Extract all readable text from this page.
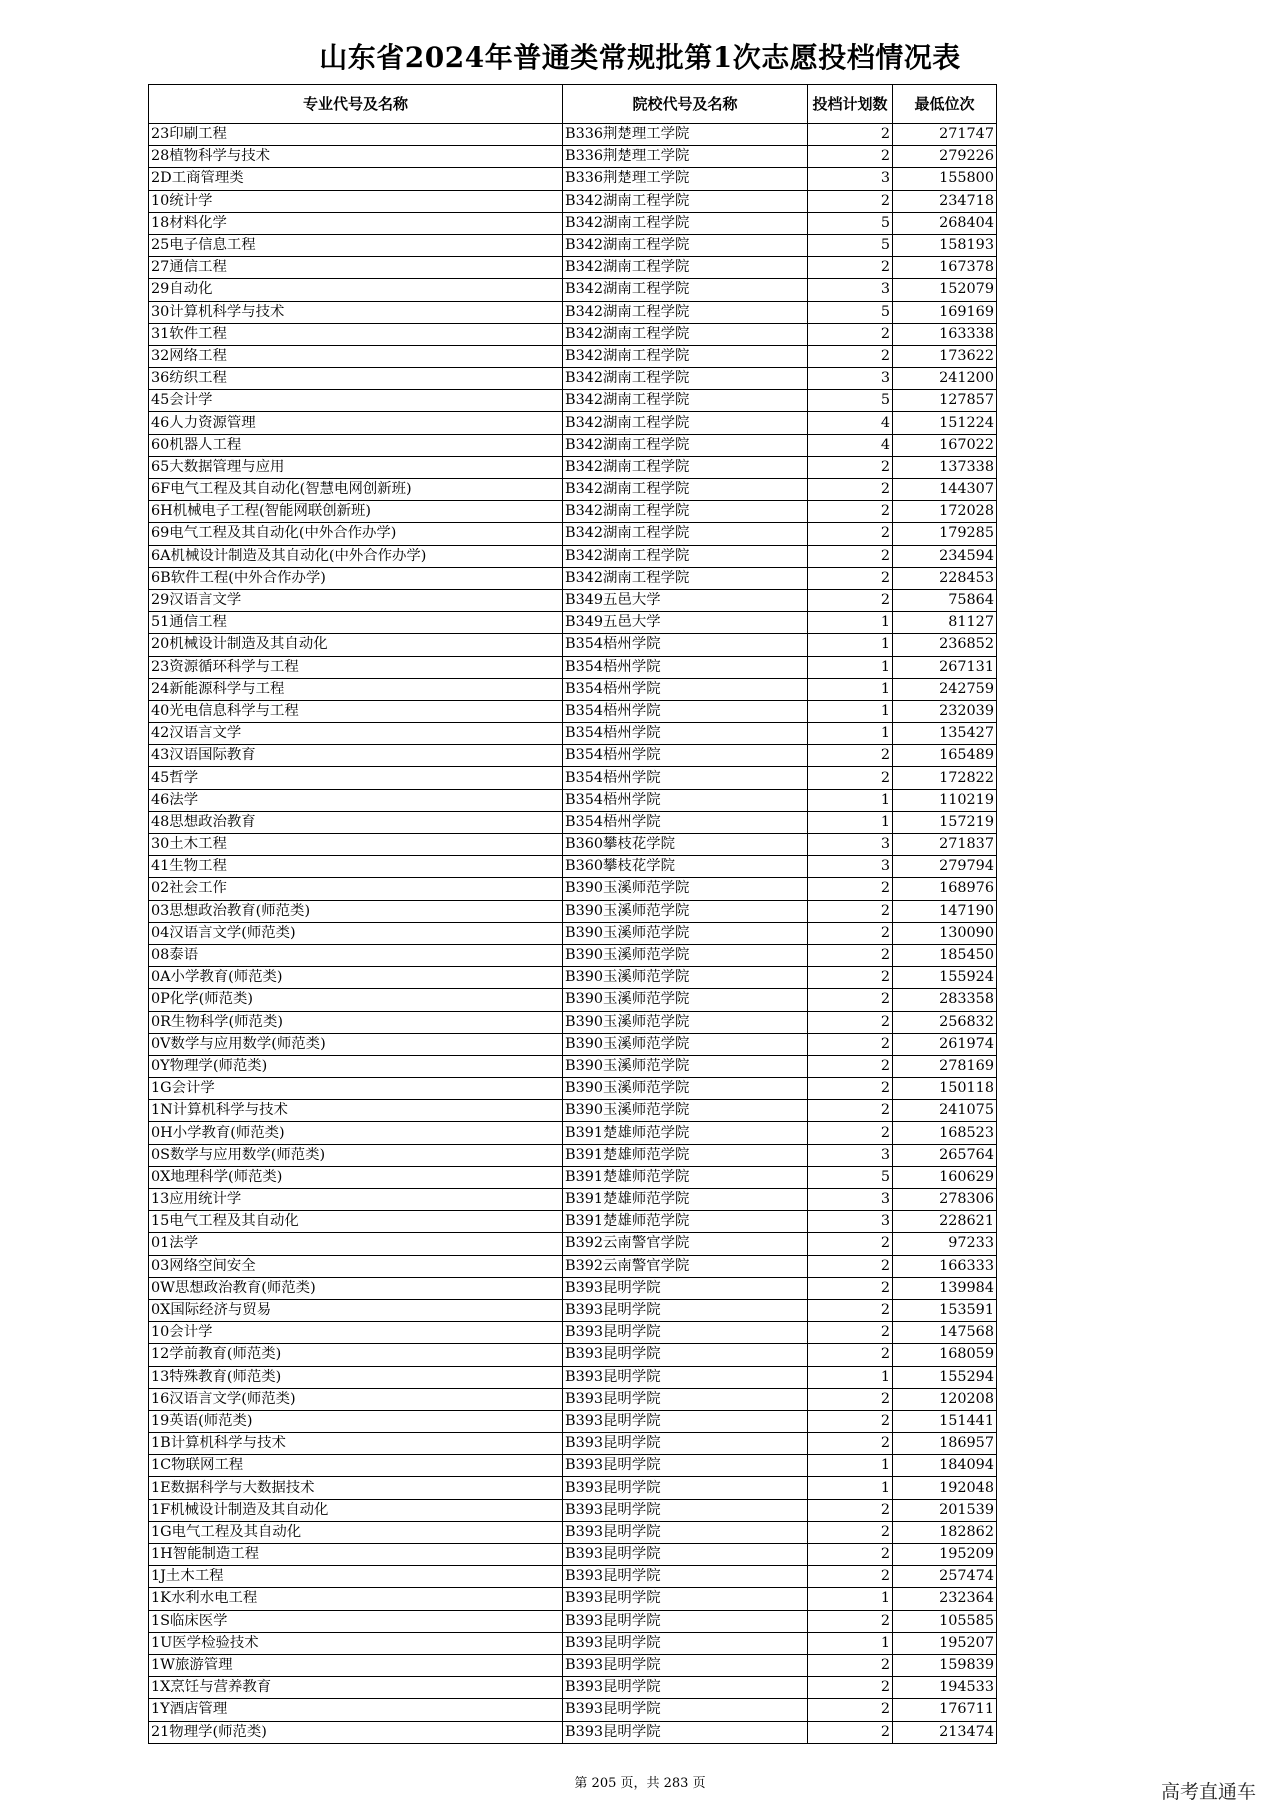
山东省2024年普通类常规批第1次志愿投档情况表
专业代号及名称	院校代号及名称	投档计划数	最低位次
23印刷工程	B336荆楚理工学院	2	271747
28植物科学与技术	B336荆楚理工学院	2	279226
2D工商管理类	B336荆楚理工学院	3	155800
10统计学	B342湖南工程学院	2	234718
18材料化学	B342湖南工程学院	5	268404
25电子信息工程	B342湖南工程学院	5	158193
27通信工程	B342湖南工程学院	2	167378
29自动化	B342湖南工程学院	3	152079
30计算机科学与技术	B342湖南工程学院	5	169169
31软件工程	B342湖南工程学院	2	163338
32网络工程	B342湖南工程学院	2	173622
36纺织工程	B342湖南工程学院	3	241200
45会计学	B342湖南工程学院	5	127857
46人力资源管理	B342湖南工程学院	4	151224
60机器人工程	B342湖南工程学院	4	167022
65大数据管理与应用	B342湖南工程学院	2	137338
6F电气工程及其自动化(智慧电网创新班)	B342湖南工程学院	2	144307
6H机械电子工程(智能网联创新班)	B342湖南工程学院	2	172028
69电气工程及其自动化(中外合作办学)	B342湖南工程学院	2	179285
6A机械设计制造及其自动化(中外合作办学)	B342湖南工程学院	2	234594
6B软件工程(中外合作办学)	B342湖南工程学院	2	228453
29汉语言文学	B349五邑大学	2	75864
51通信工程	B349五邑大学	1	81127
20机械设计制造及其自动化	B354梧州学院	1	236852
23资源循环科学与工程	B354梧州学院	1	267131
24新能源科学与工程	B354梧州学院	1	242759
40光电信息科学与工程	B354梧州学院	1	232039
42汉语言文学	B354梧州学院	1	135427
43汉语国际教育	B354梧州学院	2	165489
45哲学	B354梧州学院	2	172822
46法学	B354梧州学院	1	110219
48思想政治教育	B354梧州学院	1	157219
30土木工程	B360攀枝花学院	3	271837
41生物工程	B360攀枝花学院	3	279794
02社会工作	B390玉溪师范学院	2	168976
03思想政治教育(师范类)	B390玉溪师范学院	2	147190
04汉语言文学(师范类)	B390玉溪师范学院	2	130090
08泰语	B390玉溪师范学院	2	185450
0A小学教育(师范类)	B390玉溪师范学院	2	155924
0P化学(师范类)	B390玉溪师范学院	2	283358
0R生物科学(师范类)	B390玉溪师范学院	2	256832
0V数学与应用数学(师范类)	B390玉溪师范学院	2	261974
0Y物理学(师范类)	B390玉溪师范学院	2	278169
1G会计学	B390玉溪师范学院	2	150118
1N计算机科学与技术	B390玉溪师范学院	2	241075
0H小学教育(师范类)	B391楚雄师范学院	2	168523
0S数学与应用数学(师范类)	B391楚雄师范学院	3	265764
0X地理科学(师范类)	B391楚雄师范学院	5	160629
13应用统计学	B391楚雄师范学院	3	278306
15电气工程及其自动化	B391楚雄师范学院	3	228621
01法学	B392云南警官学院	2	97233
03网络空间安全	B392云南警官学院	2	166333
0W思想政治教育(师范类)	B393昆明学院	2	139984
0X国际经济与贸易	B393昆明学院	2	153591
10会计学	B393昆明学院	2	147568
12学前教育(师范类)	B393昆明学院	2	168059
13特殊教育(师范类)	B393昆明学院	1	155294
16汉语言文学(师范类)	B393昆明学院	2	120208
19英语(师范类)	B393昆明学院	2	151441
1B计算机科学与技术	B393昆明学院	2	186957
1C物联网工程	B393昆明学院	1	184094
1E数据科学与大数据技术	B393昆明学院	1	192048
1F机械设计制造及其自动化	B393昆明学院	2	201539
1G电气工程及其自动化	B393昆明学院	2	182862
1H智能制造工程	B393昆明学院	2	195209
1J土木工程	B393昆明学院	2	257474
1K水利水电工程	B393昆明学院	1	232364
1S临床医学	B393昆明学院	2	105585
1U医学检验技术	B393昆明学院	1	195207
1W旅游管理	B393昆明学院	2	159839
1X烹饪与营养教育	B393昆明学院	2	194533
1Y酒店管理	B393昆明学院	2	176711
21物理学(师范类)	B393昆明学院	2	213474
第 205 页，共 283 页	高考直通车
